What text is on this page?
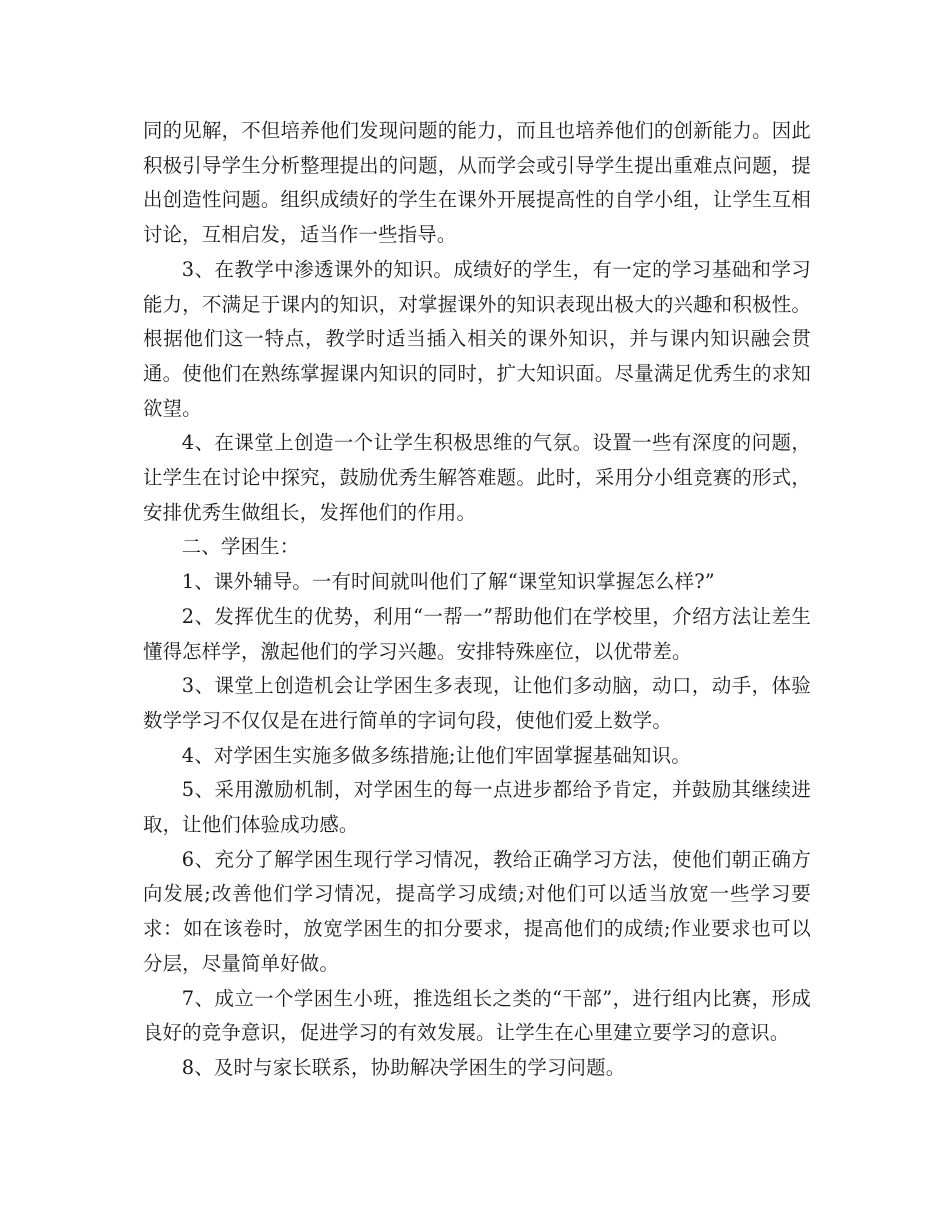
同的见解，不但培养他们发现问题的能力，而且也培养他们的创新能力。因此积极引导学生分析整理提出的问题，从而学会或引导学生提出重难点问题，提出创造性问题。组织成绩好的学生在课外开展提高性的自学小组，让学生互相讨论，互相启发，适当作一些指导。

3、在教学中渗透课外的知识。成绩好的学生，有一定的学习基础和学习能力，不满足于课内的知识，对掌握课外的知识表现出极大的兴趣和积极性。根据他们这一特点，教学时适当插入相关的课外知识，并与课内知识融会贯通。使他们在熟练掌握课内知识的同时，扩大知识面。尽量满足优秀生的求知欲望。

4、在课堂上创造一个让学生积极思维的气氛。设置一些有深度的问题，让学生在讨论中探究，鼓励优秀生解答难题。此时，采用分小组竞赛的形式，安排优秀生做组长，发挥他们的作用。

二、学困生：

1、课外辅导。一有时间就叫他们了解“课堂知识掌握怎么样?”

2、发挥优生的优势，利用“一帮一”帮助他们在学校里，介绍方法让差生懂得怎样学，激起他们的学习兴趣。安排特殊座位，以优带差。

3、课堂上创造机会让学困生多表现，让他们多动脑，动口，动手，体验数学学习不仅仅是在进行简单的字词句段，使他们爱上数学。

4、对学困生实施多做多练措施;让他们牢固掌握基础知识。

5、采用激励机制，对学困生的每一点进步都给予肯定，并鼓励其继续进取，让他们体验成功感。

6、充分了解学困生现行学习情况，教给正确学习方法，使他们朝正确方向发展;改善他们学习情况，提高学习成绩;对他们可以适当放宽一些学习要求：如在该卷时，放宽学困生的扣分要求，提高他们的成绩;作业要求也可以分层，尽量简单好做。

7、成立一个学困生小班，推选组长之类的“干部”，进行组内比赛，形成良好的竞争意识，促进学习的有效发展。让学生在心里建立要学习的意识。

8、及时与家长联系，协助解决学困生的学习问题。
